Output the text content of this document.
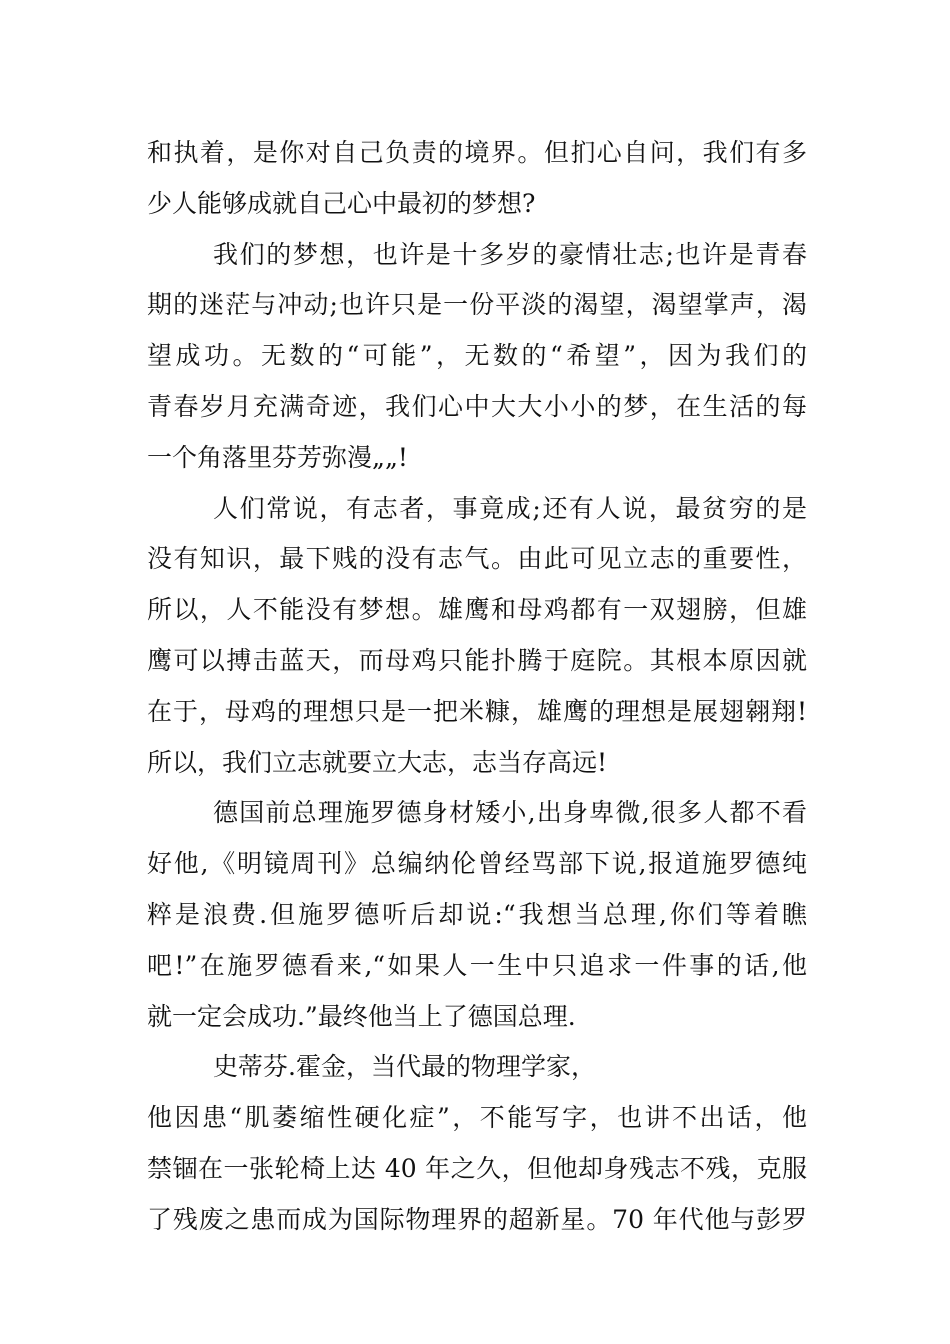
和执着，是你对自己负责的境界。但扪心自问，我们有多
少人能够成就自己心中最初的梦想?
我们的梦想，也许是十多岁的豪情壮志;也许是青春
期的迷茫与冲动;也许只是一份平淡的渴望，渴望掌声，渴
望成功。无数的“可能”，无数的“希望”，因为我们的
青春岁月充满奇迹，我们心中大大小小的梦，在生活的每
一个角落里芬芳弥漫„„!
人们常说，有志者，事竟成;还有人说，最贫穷的是
没有知识，最下贱的没有志气。由此可见立志的重要性，
所以，人不能没有梦想。雄鹰和母鸡都有一双翅膀，但雄
鹰可以搏击蓝天，而母鸡只能扑腾于庭院。其根本原因就
在于，母鸡的理想只是一把米糠，雄鹰的理想是展翅翱翔!
所以，我们立志就要立大志，志当存高远!
德国前总理施罗德身材矮小,出身卑微,很多人都不看
好他,《明镜周刊》总编纳伦曾经骂部下说,报道施罗德纯
粹是浪费.但施罗德听后却说:“我想当总理,你们等着瞧
吧!”在施罗德看来,“如果人一生中只追求一件事的话,他
就一定会成功.”最终他当上了德国总理.
史蒂芬.霍金，当代最的物理学家，
他因患“肌萎缩性硬化症”，不能写字，也讲不出话，他
禁锢在一张轮椅上达 40 年之久，但他却身残志不残，克服
了残废之患而成为国际物理界的超新星。70 年代他与彭罗
